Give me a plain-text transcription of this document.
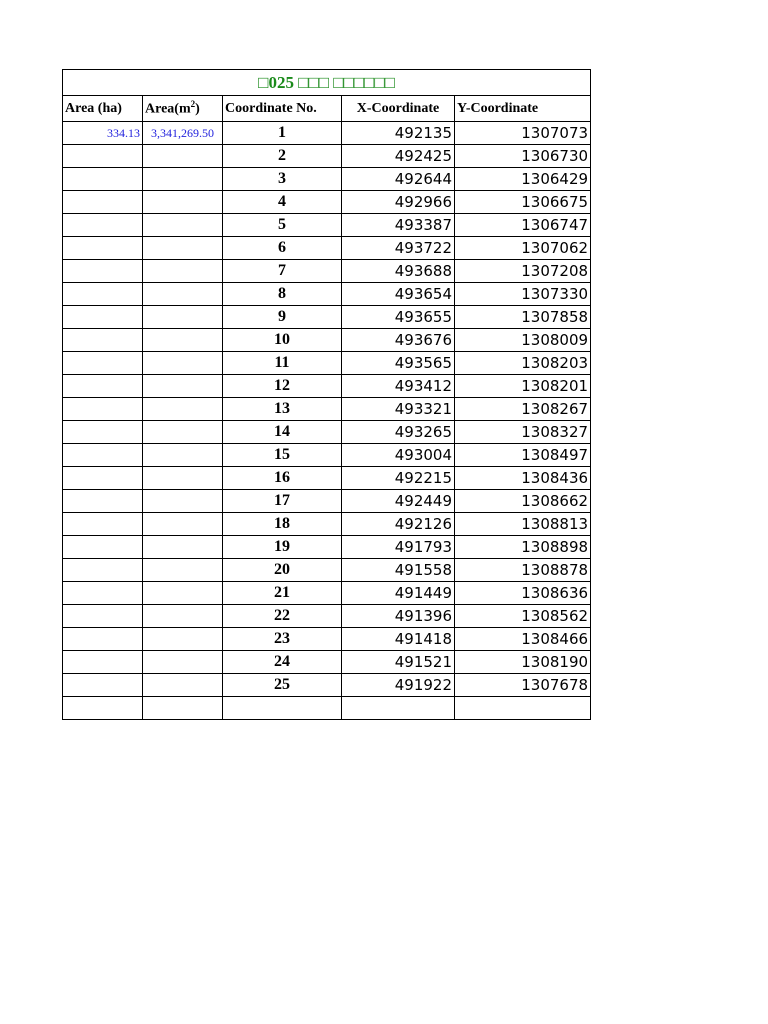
□025 □□□ □□□□□□				
Area (ha)	$Area(m^2)$	Coordinate No.	X-Coordinate	Y-Coordinate
334.13	3,341,269.50	1	492135	1307073
		2	492425	1306730
		3	492644	1306429
		4	492966	1306675
		5	493387	1306747
		6	493722	1307062
		7	493688	1307208
		8	493654	1307330
		9	493655	1307858
		10	493676	1308009
		11	493565	1308203
		12	493412	1308201
		13	493321	1308267
		14	493265	1308327
		15	493004	1308497
		16	492215	1308436
		17	492449	1308662
		18	492126	1308813
		19	491793	1308898
		20	491558	1308878
		21	491449	1308636
		22	491396	1308562
		23	491418	1308466
		24	491521	1308190
		25	491922	1307678
